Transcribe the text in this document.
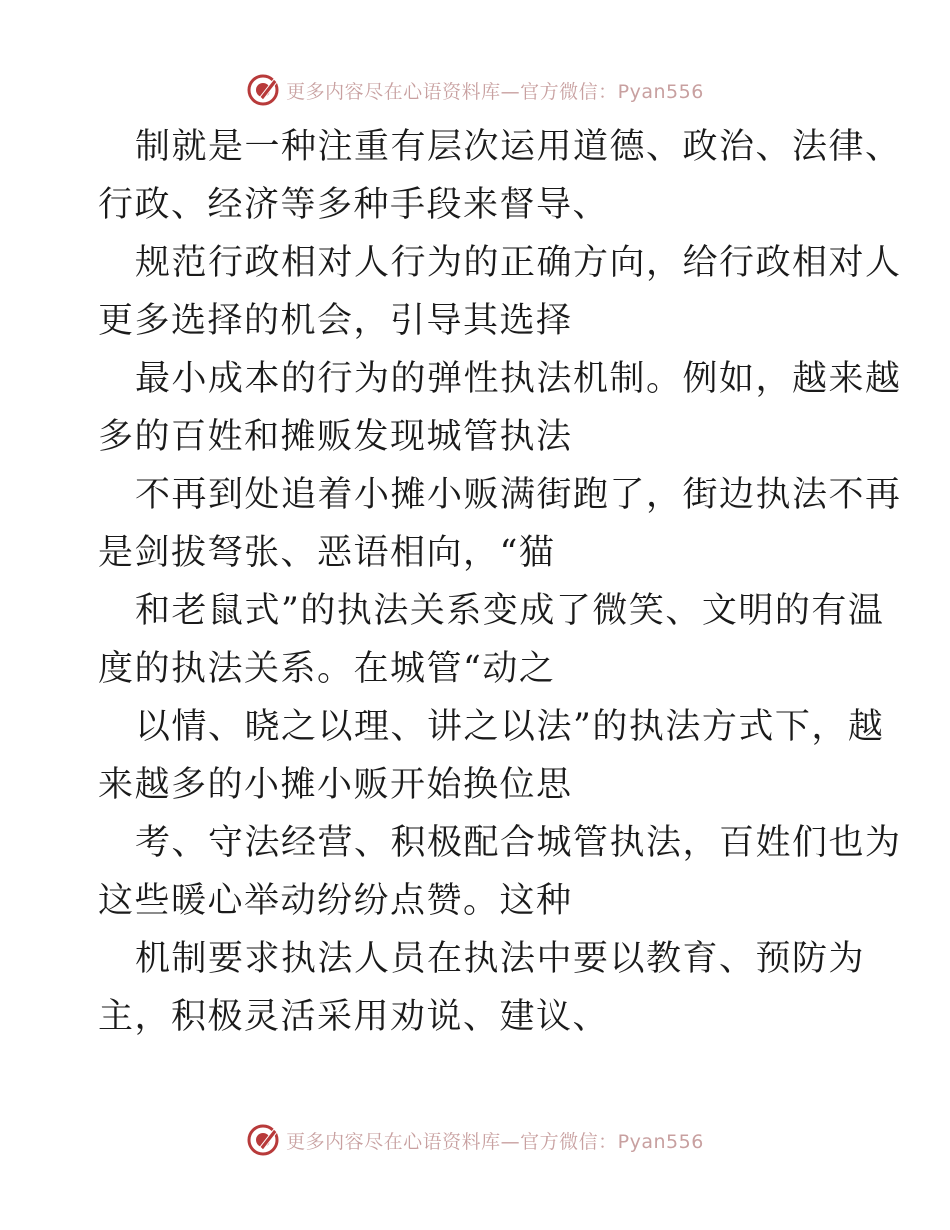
更多内容尽在心语资料库—官方微信：Pyan556

制就是一种注重有层次运用道德、政治、法律、
行政、经济等多种手段来督导、

规范行政相对人行为的正确方向，给行政相对人
更多选择的机会，引导其选择

最小成本的行为的弹性执法机制。例如，越来越
多的百姓和摊贩发现城管执法

不再到处追着小摊小贩满街跑了，街边执法不再
是剑拔弩张、恶语相向，“猫

和老鼠式”的执法关系变成了微笑、文明的有温
度的执法关系。在城管“动之

以情、晓之以理、讲之以法”的执法方式下，越
来越多的小摊小贩开始换位思

考、守法经营、积极配合城管执法，百姓们也为
这些暖心举动纷纷点赞。这种

机制要求执法人员在执法中要以教育、预防为
主，积极灵活采用劝说、建议、

更多内容尽在心语资料库—官方微信：Pyan556
